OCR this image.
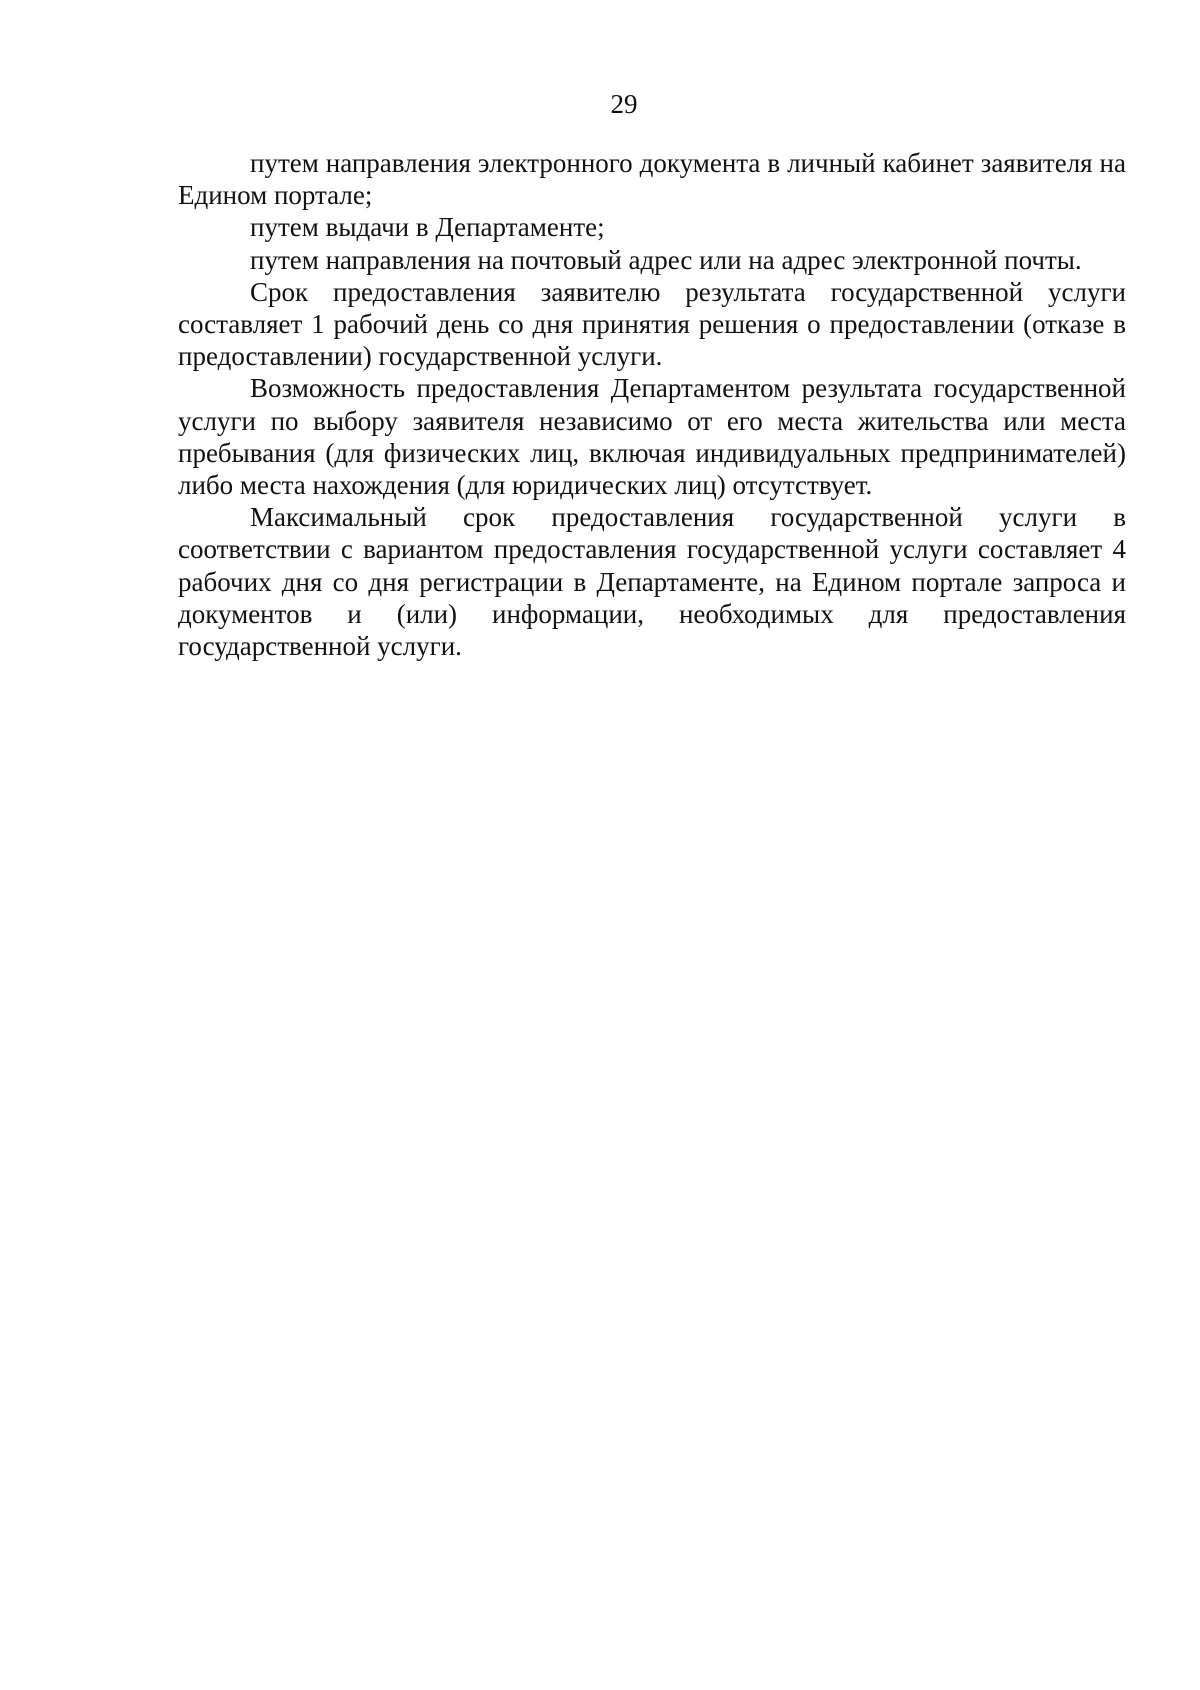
29

путем направления электронного документа в личный кабинет заявителя на Едином портале;

путем выдачи в Департаменте;

путем направления на почтовый адрес или на адрес электронной почты.

Срок предоставления заявителю результата государственной услуги составляет 1 рабочий день со дня принятия решения о предоставлении (отказе в предоставлении) государственной услуги.

Возможность предоставления Департаментом результата государственной услуги по выбору заявителя независимо от его места жительства или места пребывания (для физических лиц, включая индивидуальных предпринимателей) либо места нахождения (для юридических лиц) отсутствует.

Максимальный срок предоставления государственной услуги в соответствии с вариантом предоставления государственной услуги составляет 4 рабочих дня со дня регистрации в Департаменте, на Едином портале запроса и документов и (или) информации, необходимых для предоставления государственной услуги.
